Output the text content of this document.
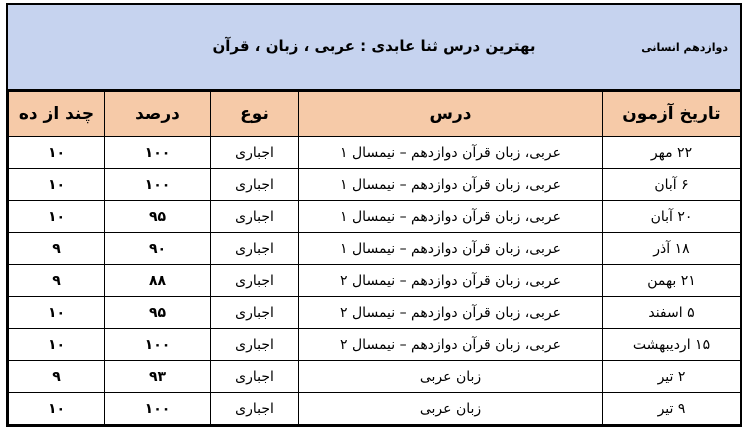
دوازدهم انسانی
بهترین درس ثنا عابدی : عربی ، زبان ، قرآن
تاریخ آزمون	درس	نوع	درصد	چند از ده
۲۲ مهر	عربی، زبان قرآن دوازدهم – نیمسال ۱	اجباری	۱۰۰	۱۰
۶ آبان	عربی، زبان قرآن دوازدهم – نیمسال ۱	اجباری	۱۰۰	۱۰
۲۰ آبان	عربی، زبان قرآن دوازدهم – نیمسال ۱	اجباری	۹۵	۱۰
۱۸ آذر	عربی، زبان قرآن دوازدهم – نیمسال ۱	اجباری	۹۰	۹
۲۱ بهمن	عربی، زبان قرآن دوازدهم – نیمسال ۲	اجباری	۸۸	۹
۵ اسفند	عربی، زبان قرآن دوازدهم – نیمسال ۲	اجباری	۹۵	۱۰
۱۵ اردیبهشت	عربی، زبان قرآن دوازدهم – نیمسال ۲	اجباری	۱۰۰	۱۰
۲ تیر	زبان عربی	اجباری	۹۳	۹
۹ تیر	زبان عربی	اجباری	۱۰۰	۱۰
